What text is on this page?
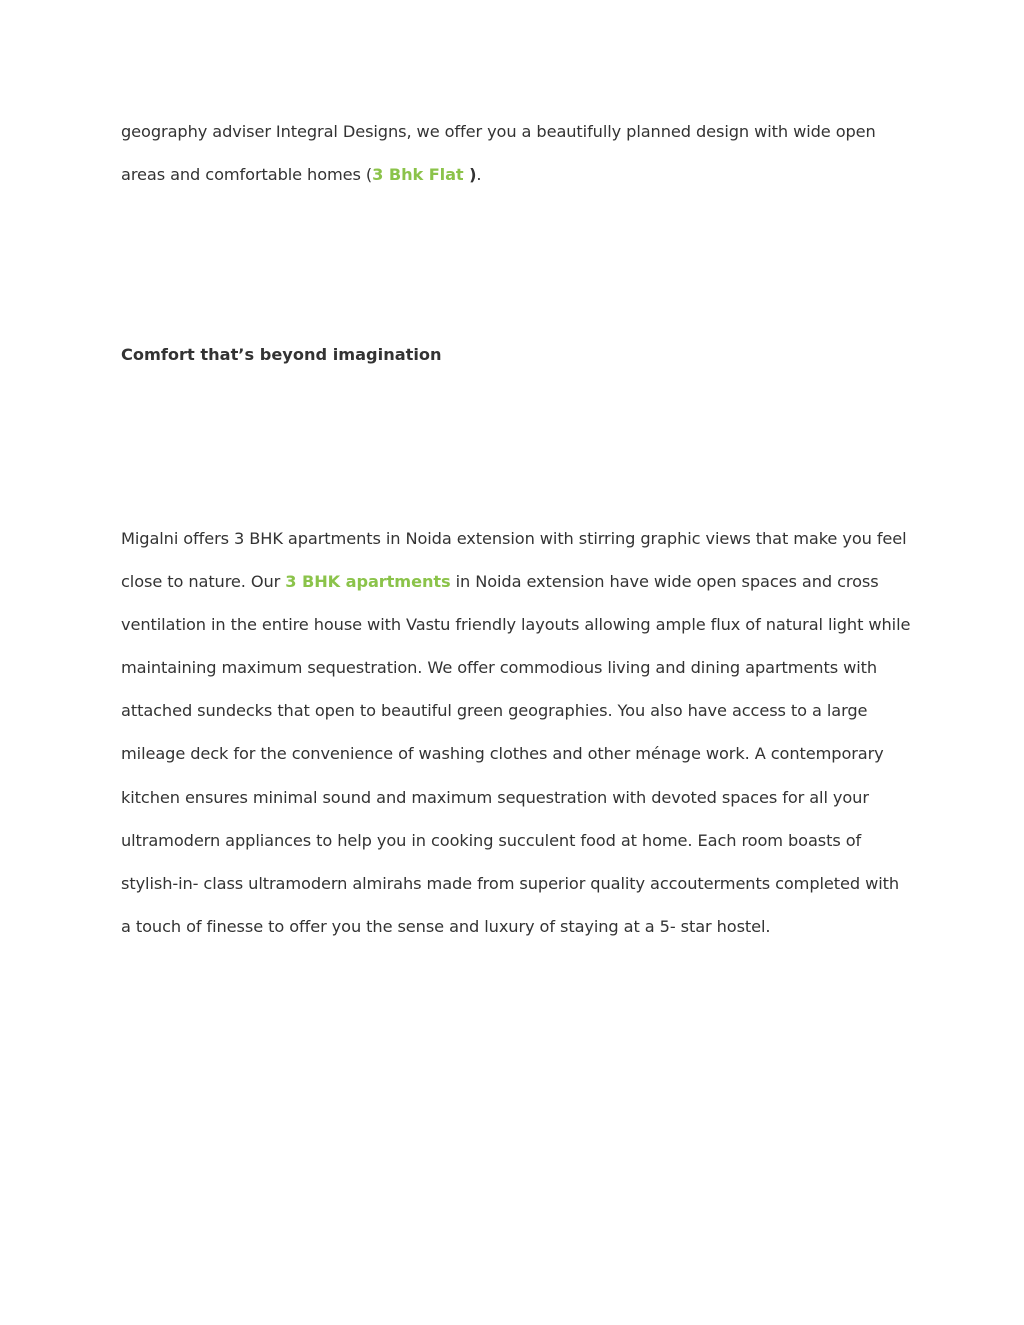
geography adviser Integral Designs, we offer you a beautifully planned design with wide open areas and comfortable homes (3 Bhk Flat ).

Comfort that’s beyond imagination

Migalni offers 3 BHK apartments in Noida extension with stirring graphic views that make you feel close to nature. Our 3 BHK apartments in Noida extension have wide open spaces and cross ventilation in the entire house with Vastu friendly layouts allowing ample flux of natural light while maintaining maximum sequestration. We offer commodious living and dining apartments with attached sundecks that open to beautiful green geographies. You also have access to a large mileage deck for the convenience of washing clothes and other ménage work. A contemporary kitchen ensures minimal sound and maximum sequestration with devoted spaces for all your ultramodern appliances to help you in cooking succulent food at home. Each room boasts of stylish-in- class ultramodern almirahs made from superior quality accouterments completed with a touch of finesse to offer you the sense and luxury of staying at a 5- star hostel.
